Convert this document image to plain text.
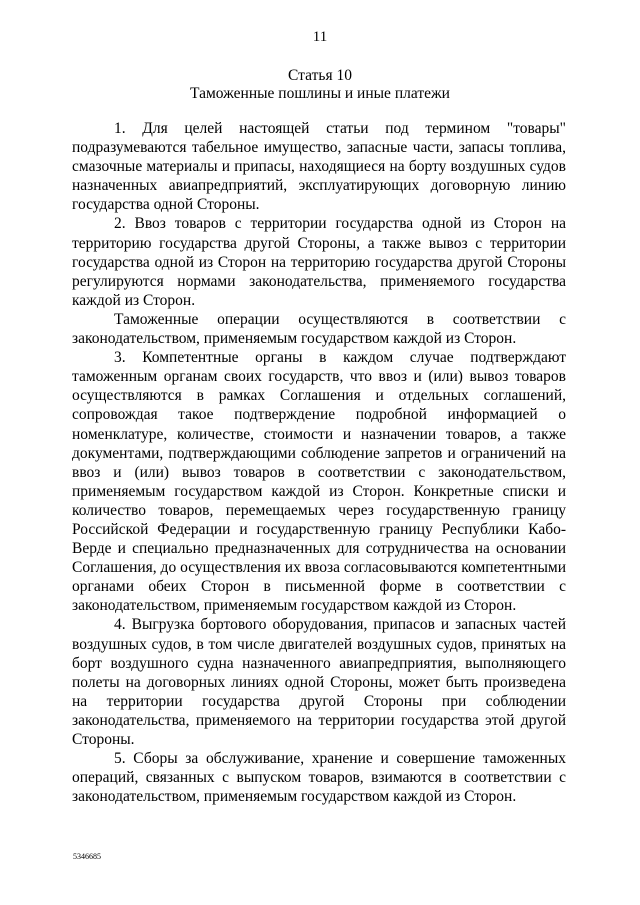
11
Статья 10
Таможенные пошлины и иные платежи

1. Для целей настоящей статьи под термином "товары" подразумеваются табельное имущество, запасные части, запасы топлива, смазочные материалы и припасы, находящиеся на борту воздушных судов назначенных авиапредприятий, эксплуатирующих договорную линию государства одной Стороны.

2. Ввоз товаров с территории государства одной из Сторон на территорию государства другой Стороны, а также вывоз с территории государства одной из Сторон на территорию государства другой Стороны регулируются нормами законодательства, применяемого государства каждой из Сторон.

Таможенные операции осуществляются в соответствии с законодательством, применяемым государством каждой из Сторон.

3. Компетентные органы в каждом случае подтверждают таможенным органам своих государств, что ввоз и (или) вывоз товаров осуществляются в рамках Соглашения и отдельных соглашений, сопровождая такое подтверждение подробной информацией о номенклатуре, количестве, стоимости и назначении товаров, а также документами, подтверждающими соблюдение запретов и ограничений на ввоз и (или) вывоз товаров в соответствии с законодательством, применяемым государством каждой из Сторон. Конкретные списки и количество товаров, перемещаемых через государственную границу Российской Федерации и государственную границу Республики Кабо-Верде и специально предназначенных для сотрудничества на основании Соглашения, до осуществления их ввоза согласовываются компетентными органами обеих Сторон в письменной форме в соответствии с законодательством, применяемым государством каждой из Сторон.

4. Выгрузка бортового оборудования, припасов и запасных частей воздушных судов, в том числе двигателей воздушных судов, принятых на борт воздушного судна назначенного авиапредприятия, выполняющего полеты на договорных линиях одной Стороны, может быть произведена на территории государства другой Стороны при соблюдении законодательства, применяемого на территории государства этой другой Стороны.

5. Сборы за обслуживание, хранение и совершение таможенных операций, связанных с выпуском товаров, взимаются в соответствии с законодательством, применяемым государством каждой из Сторон.

5346685
